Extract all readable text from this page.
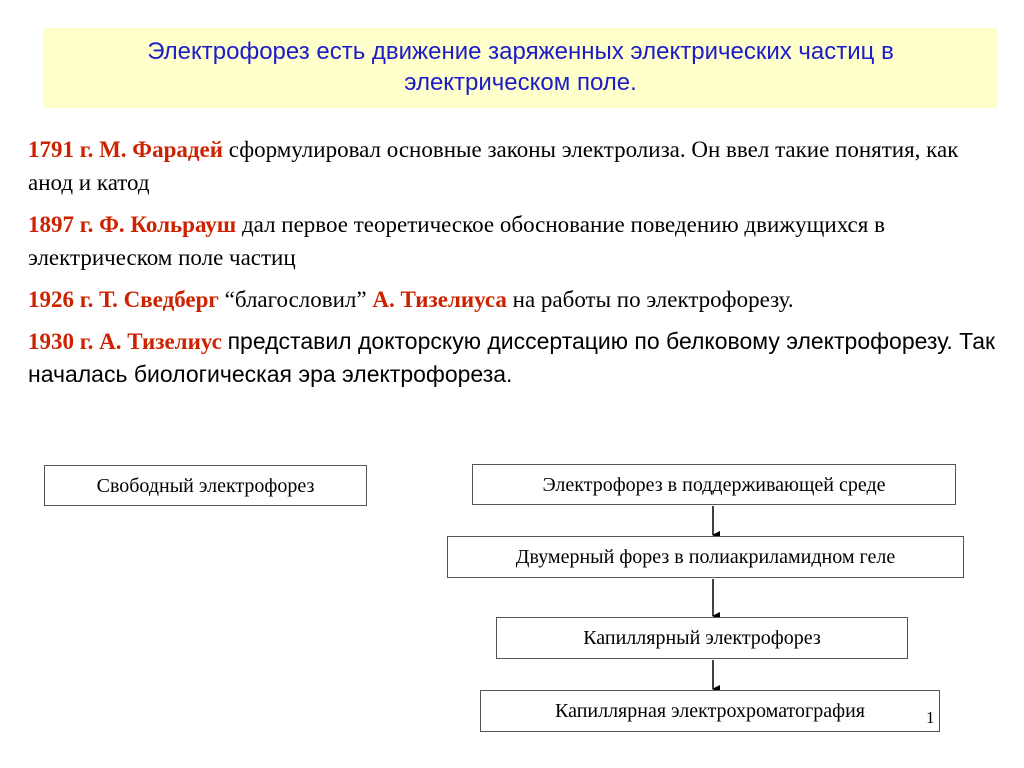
Электрофорез есть движение заряженных электрических частиц в
электрическом поле.

1791 г. М. Фарадей сформулировал основные законы электролиза. Он ввел такие понятия, как анод и катод

1897 г. Ф. Кольрауш дал первое теоретическое обоснование поведению движущихся в электрическом поле частиц

1926 г. Т. Сведберг “благословил” А. Тизелиуса на работы по электрофорезу.

1930 г. А. Тизелиус представил докторскую диссертацию по белковому электрофорезу. Так началась биологическая эра электрофореза.

Свободный электрофорез	Электрофорез в поддерживающей среде
Двумерный форез в полиакриламидном геле
Капиллярный электрофорез
Капиллярная электрохроматография	1
